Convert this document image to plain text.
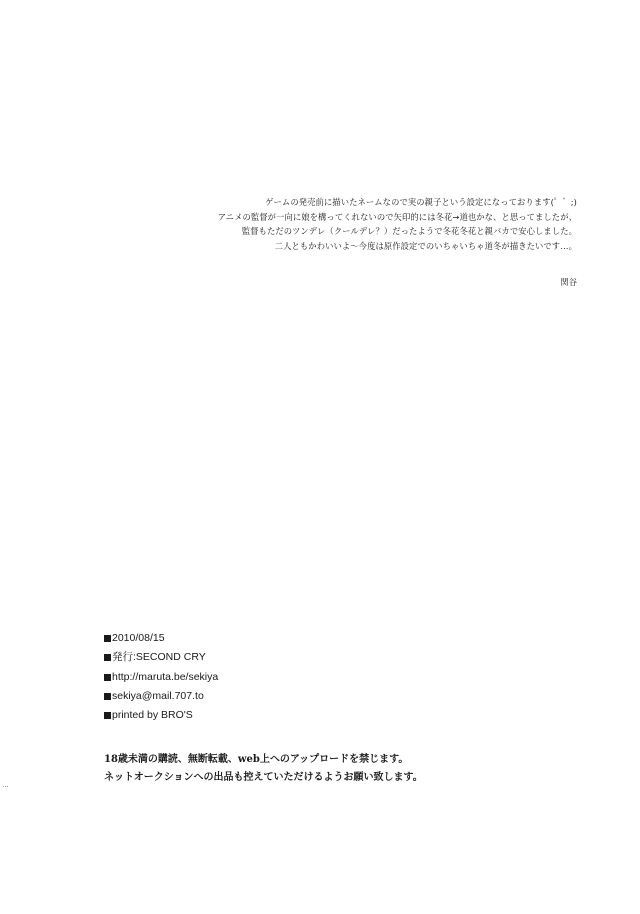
ゲームの発売前に描いたネームなので実の親子という設定になっております(゜゛;)

アニメの監督が一向に娘を構ってくれないので矢印的には冬花→道也かな、と思ってましたが、

監督もただのツンデレ（クールデレ？）だったようで冬花冬花と親バカで安心しました。

二人ともかわいいよ〜今度は原作設定でのいちゃいちゃ道冬が描きたいです…。

関谷
2010/08/15
発行:SECOND CRY
http://maruta.be/sekiya
sekiya@mail.707.to
printed by BRO'S

18歳未満の購読、無断転載、web上へのアップロードを禁じます。

ネットオークションへの出品も控えていただけるようお願い致します。
